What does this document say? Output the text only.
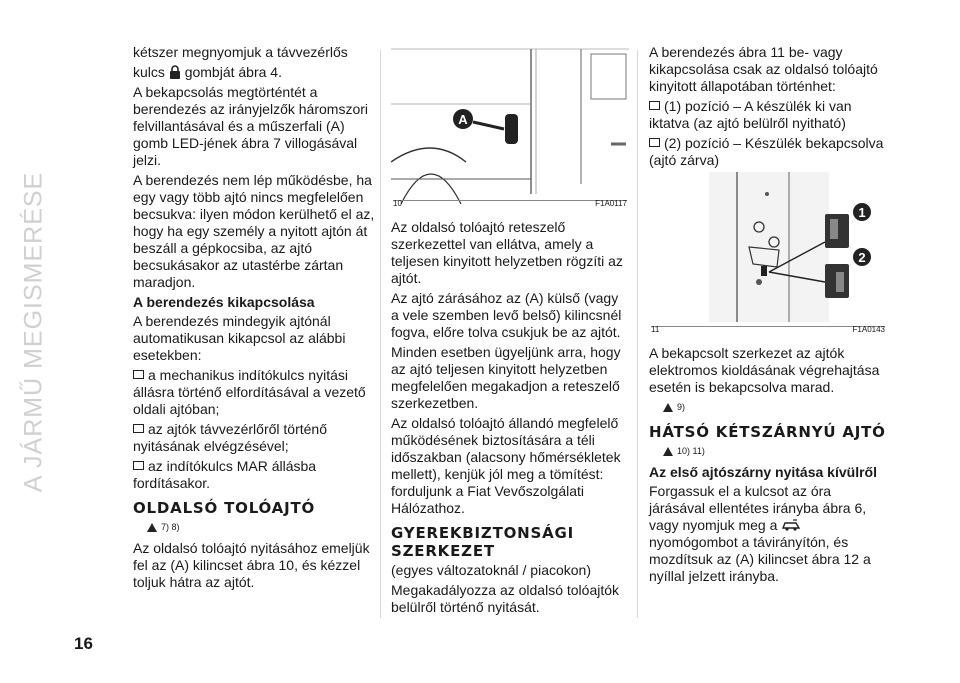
A JÁRMŰ MEGISMERÉSE
16

kétszer megnyomjuk a távvezérlős

kulcs gombját ábra 4.

A bekapcsolás megtörténtét a berendezés az irányjelzők háromszori felvillantásával és a műszerfali (A) gomb LED-jének ábra 7 villogásával jelzi.

A berendezés nem lép működésbe, ha egy vagy több ajtó nincs megfelelően becsukva: ilyen módon kerülhető el az, hogy ha egy személy a nyitott ajtón át beszáll a gépkocsiba, az ajtó becsukásakor az utastérbe zártan maradjon.

A berendezés kikapcsolása

A berendezés mindegyik ajtónál automatikusan kikapcsol az alábbi esetekben:

a mechanikus indítókulcs nyitási állásra történő elfordításával a vezető oldali ajtóban;

az ajtók távvezérlőről történő nyitásának elvégzésével;

az indítókulcs MAR állásba fordításakor.

OLDALSÓ TOLÓAJTÓ
7) 8)

Az oldalsó tolóajtó nyitásához emeljük fel az (A) kilincset ábra 10, és kézzel toljuk hátra az ajtót.

A
10	F1A0117

Az oldalsó tolóajtó reteszelő szerkezettel van ellátva, amely a teljesen kinyitott helyzetben rögzíti az ajtót.

Az ajtó zárásához az (A) külső (vagy a vele szemben levő belső) kilincsnél fogva, előre tolva csukjuk be az ajtót.

Minden esetben ügyeljünk arra, hogy az ajtó teljesen kinyitott helyzetben megfelelően megakadjon a reteszelő szerkezetben.

Az oldalsó tolóajtó állandó megfelelő működésének biztosítására a téli időszakban (alacsony hőmérsékletek mellett), kenjük jól meg a tömítést: forduljunk a Fiat Vevőszolgálati Hálózathoz.

GYEREKBIZTONSÁGI SZERKEZET

(egyes változatoknál / piacokon)

Megakadályozza az oldalsó tolóajtók belülről történő nyitását.

A berendezés ábra 11 be- vagy kikapcsolása csak az oldalsó tolóajtó kinyitott állapotában történhet:

(1) pozíció – A készülék ki van iktatva (az ajtó belülről nyitható)

(2) pozíció – Készülék bekapcsolva (ajtó zárva)

1
2
11	F1A0143

A bekapcsolt szerkezet az ajtók elektromos kioldásának végrehajtása esetén is bekapcsolva marad.

9)
HÁTSÓ KÉTSZÁRNYÚ AJTÓ
10) 11)
Az első ajtószárny nyitása kívülről

Forgassuk el a kulcsot az óra járásával ellentétes irányba ábra 6, vagy nyomjuk meg a  nyomógombot a távirányítón, és mozdítsuk az (A) kilincset ábra 12 a nyíllal jelzett irányba.
